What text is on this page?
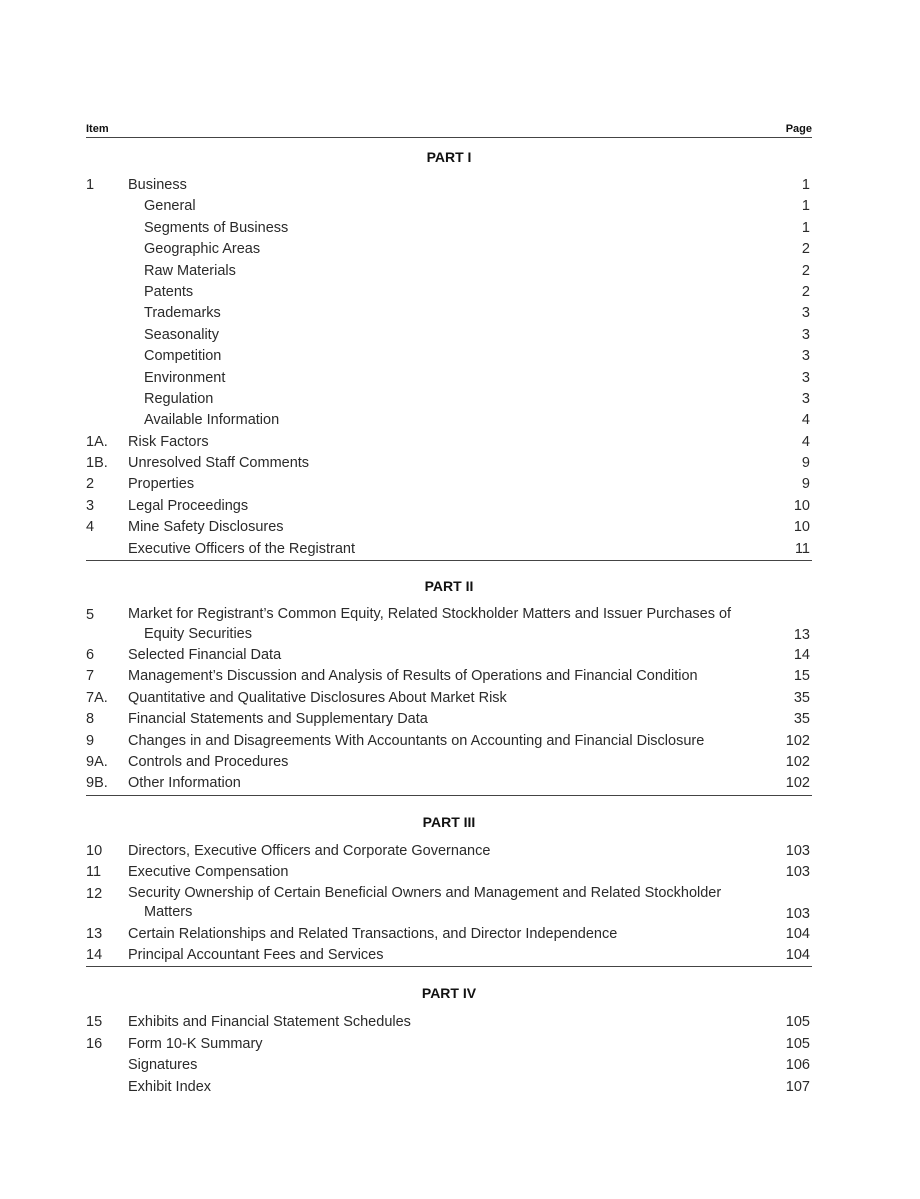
Item	Page
PART I
1 Business	1
General	1
Segments of Business	1
Geographic Areas	2
Raw Materials	2
Patents	2
Trademarks	3
Seasonality	3
Competition	3
Environment	3
Regulation	3
Available Information	4
1A. Risk Factors	4
1B. Unresolved Staff Comments	9
2 Properties	9
3 Legal Proceedings	10
4 Mine Safety Disclosures	10
Executive Officers of the Registrant	11
PART II
5 Market for Registrant’s Common Equity, Related Stockholder Matters and Issuer Purchases of
Equity Securities	13
6 Selected Financial Data	14
7 Management’s Discussion and Analysis of Results of Operations and Financial Condition	15
7A. Quantitative and Qualitative Disclosures About Market Risk	35
8 Financial Statements and Supplementary Data	35
9 Changes in and Disagreements With Accountants on Accounting and Financial Disclosure	102
9A. Controls and Procedures	102
9B. Other Information	102
PART III
10 Directors, Executive Officers and Corporate Governance	103
11 Executive Compensation	103
12 Security Ownership of Certain Beneficial Owners and Management and Related Stockholder
Matters	103
13 Certain Relationships and Related Transactions, and Director Independence	104
14 Principal Accountant Fees and Services	104
PART IV
15 Exhibits and Financial Statement Schedules	105
16 Form 10-K Summary	105
Signatures	106
Exhibit Index	107
